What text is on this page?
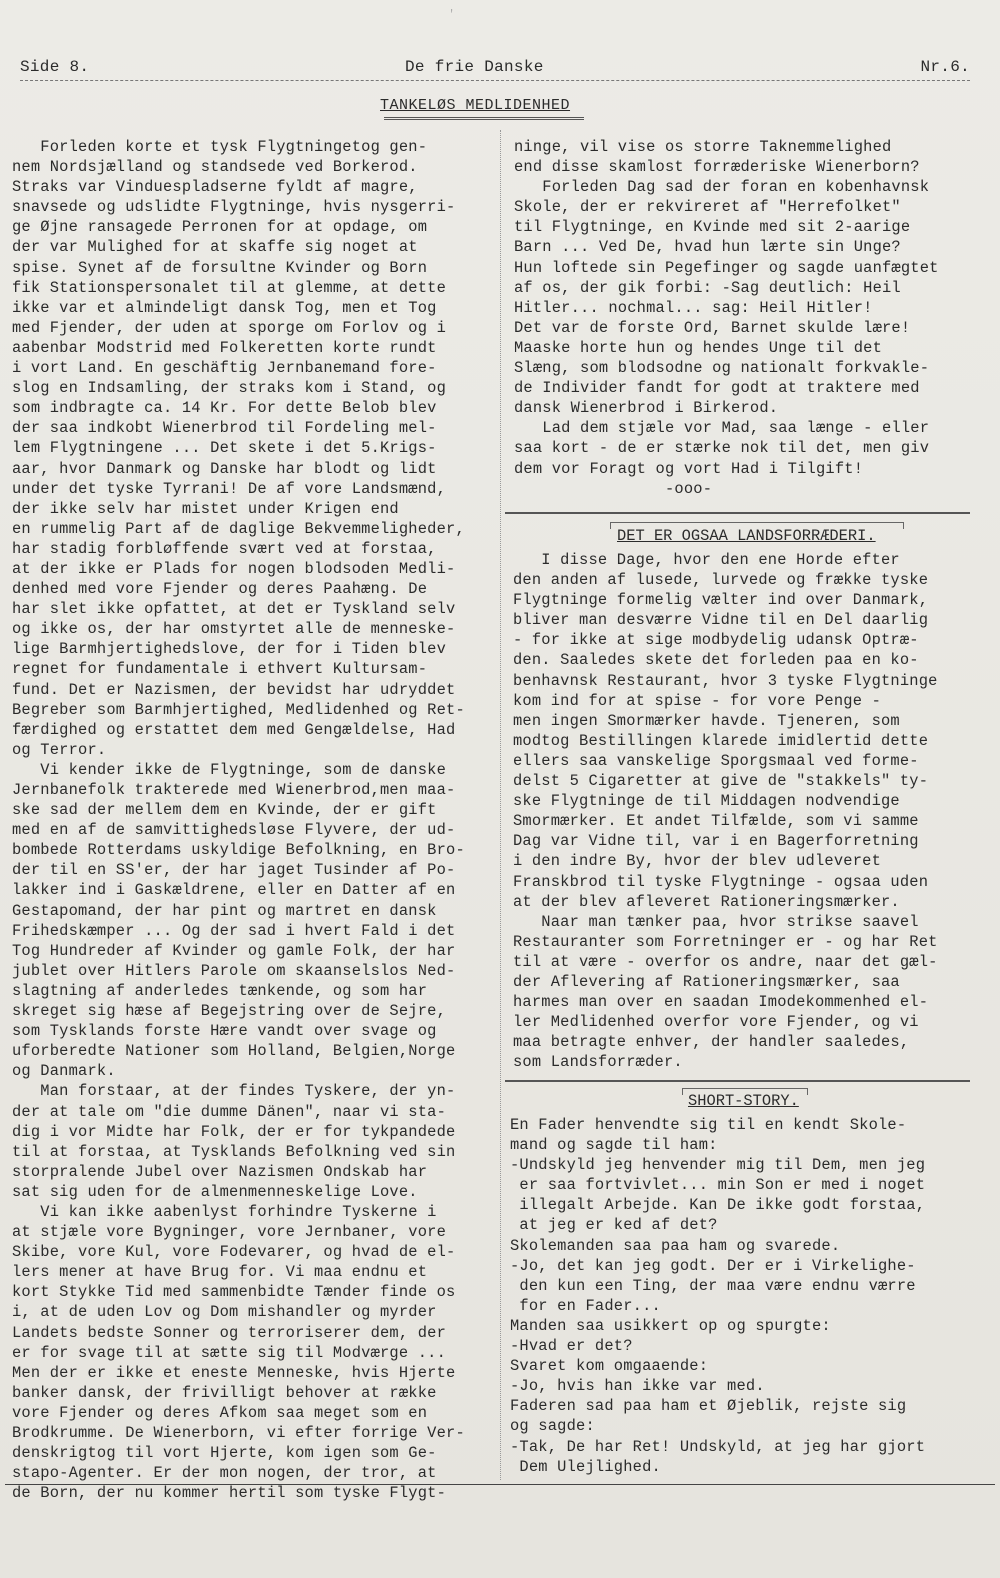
ꞌ
Side 8.	De frie Danske	Nr.6.
TANKELØS MEDLIDENHED
Forleden korte et tysk Flygtningetog gen-
nem Nordsjælland og standsede ved Borkerod.
Straks var Vinduespladserne fyldt af magre,
snavsede og udslidte Flygtninge, hvis nysgerri-
ge Øjne ransagede Perronen for at opdage, om
der var Mulighed for at skaffe sig noget at
spise. Synet af de forsultne Kvinder og Born
fik Stationspersonalet til at glemme, at dette
ikke var et almindeligt dansk Tog, men et Tog
med Fjender, der uden at sporge om Forlov og i
aabenbar Modstrid med Folkeretten korte rundt
i vort Land. En geschäftig Jernbanemand fore-
slog en Indsamling, der straks kom i Stand, og
som indbragte ca. 14 Kr. For dette Belob blev
der saa indkobt Wienerbrod til Fordeling mel-
lem Flygtningene ... Det skete i det 5.Krigs-
aar, hvor Danmark og Danske har blodt og lidt
under det tyske Tyrrani! De af vore Landsmænd,
der ikke selv har mistet under Krigen end
en rummelig Part af de daglige Bekvemmeligheder,
har stadig forbløffende svært ved at forstaa,
at der ikke er Plads for nogen blodsoden Medli-
denhed med vore Fjender og deres Paahæng. De
har slet ikke opfattet, at det er Tyskland selv
og ikke os, der har omstyrtet alle de menneske-
lige Barmhjertighedslove, der for i Tiden blev
regnet for fundamentale i ethvert Kultursam-
fund. Det er Nazismen, der bevidst har udryddet
Begreber som Barmhjertighed, Medlidenhed og Ret-
færdighed og erstattet dem med Gengældelse, Had
og Terror.
Vi kender ikke de Flygtninge, som de danske
Jernbanefolk trakterede med Wienerbrod,men maa-
ske sad der mellem dem en Kvinde, der er gift
med en af de samvittighedsløse Flyvere, der ud-
bombede Rotterdams uskyldige Befolkning, en Bro-
der til en SS'er, der har jaget Tusinder af Po-
lakker ind i Gaskældrene, eller en Datter af en
Gestapomand, der har pint og martret en dansk
Frihedskæmper ... Og der sad i hvert Fald i det
Tog Hundreder af Kvinder og gamle Folk, der har
jublet over Hitlers Parole om skaanselslos Ned-
slagtning af anderledes tænkende, og som har
skreget sig hæse af Begejstring over de Sejre,
som Tysklands forste Hære vandt over svage og
uforberedte Nationer som Holland, Belgien,Norge
og Danmark.
Man forstaar, at der findes Tyskere, der yn-
der at tale om "die dumme Dänen", naar vi sta-
dig i vor Midte har Folk, der er for tykpandede
til at forstaa, at Tysklands Befolkning ved sin
storpralende Jubel over Nazismen Ondskab har
sat sig uden for de almenmenneskelige Love.
Vi kan ikke aabenlyst forhindre Tyskerne i
at stjæle vore Bygninger, vore Jernbaner, vore
Skibe, vore Kul, vore Fodevarer, og hvad de el-
lers mener at have Brug for. Vi maa endnu et
kort Stykke Tid med sammenbidte Tænder finde os
i, at de uden Lov og Dom mishandler og myrder
Landets bedste Sonner og terroriserer dem, der
er for svage til at sætte sig til Modværge ...
Men der er ikke et eneste Menneske, hvis Hjerte
banker dansk, der frivilligt behover at række
vore Fjender og deres Afkom saa meget som en
Brodkrumme. De Wienerborn, vi efter forrige Ver-
denskrigtog til vort Hjerte, kom igen som Ge-
stapo-Agenter. Er der mon nogen, der tror, at
de Born, der nu kommer hertil som tyske Flygt-
ninge, vil vise os storre Taknemmelighed
end disse skamlost forræderiske Wienerborn?
Forleden Dag sad der foran en kobenhavnsk
Skole, der er rekvireret af "Herrefolket"
til Flygtninge, en Kvinde med sit 2-aarige
Barn ... Ved De, hvad hun lærte sin Unge?
Hun loftede sin Pegefinger og sagde uanfægtet
af os, der gik forbi: -Sag deutlich: Heil
Hitler... nochmal... sag: Heil Hitler!
Det var de forste Ord, Barnet skulde lære!
Maaske horte hun og hendes Unge til det
Slæng, som blodsodne og nationalt forkvakle-
de Individer fandt for godt at traktere med
dansk Wienerbrod i Birkerod.
Lad dem stjæle vor Mad, saa længe - eller
saa kort - de er stærke nok til det, men giv
dem vor Foragt og vort Had i Tilgift!
-ooo-
DET ER OGSAA LANDSFORRÆDERI.
I disse Dage, hvor den ene Horde efter
den anden af lusede, lurvede og frække tyske
Flygtninge formelig vælter ind over Danmark,
bliver man desværre Vidne til en Del daarlig
- for ikke at sige modbydelig udansk Optræ-
den. Saaledes skete det forleden paa en ko-
benhavnsk Restaurant, hvor 3 tyske Flygtninge
kom ind for at spise - for vore Penge -
men ingen Smormærker havde. Tjeneren, som
modtog Bestillingen klarede imidlertid dette
ellers saa vanskelige Sporgsmaal ved forme-
delst 5 Cigaretter at give de "stakkels" ty-
ske Flygtninge de til Middagen nodvendige
Smormærker. Et andet Tilfælde, som vi samme
Dag var Vidne til, var i en Bagerforretning
i den indre By, hvor der blev udleveret
Franskbrod til tyske Flygtninge - ogsaa uden
at der blev afleveret Rationeringsmærker.
Naar man tænker paa, hvor strikse saavel
Restauranter som Forretninger er - og har Ret
til at være - overfor os andre, naar det gæl-
der Aflevering af Rationeringsmærker, saa
harmes man over en saadan Imodekommenhed el-
ler Medlidenhed overfor vore Fjender, og vi
maa betragte enhver, der handler saaledes,
som Landsforræder.
SHORT-STORY.
En Fader henvendte sig til en kendt Skole-
mand og sagde til ham:
-Undskyld jeg henvender mig til Dem, men jeg
er saa fortvivlet... min Son er med i noget
illegalt Arbejde. Kan De ikke godt forstaa,
at jeg er ked af det?
Skolemanden saa paa ham og svarede.
-Jo, det kan jeg godt. Der er i Virkelighe-
den kun een Ting, der maa være endnu værre
for en Fader...
Manden saa usikkert op og spurgte:
-Hvad er det?
Svaret kom omgaaende:
-Jo, hvis han ikke var med.
Faderen sad paa ham et Øjeblik, rejste sig
og sagde:
-Tak, De har Ret! Undskyld, at jeg har gjort
Dem Ulejlighed.
